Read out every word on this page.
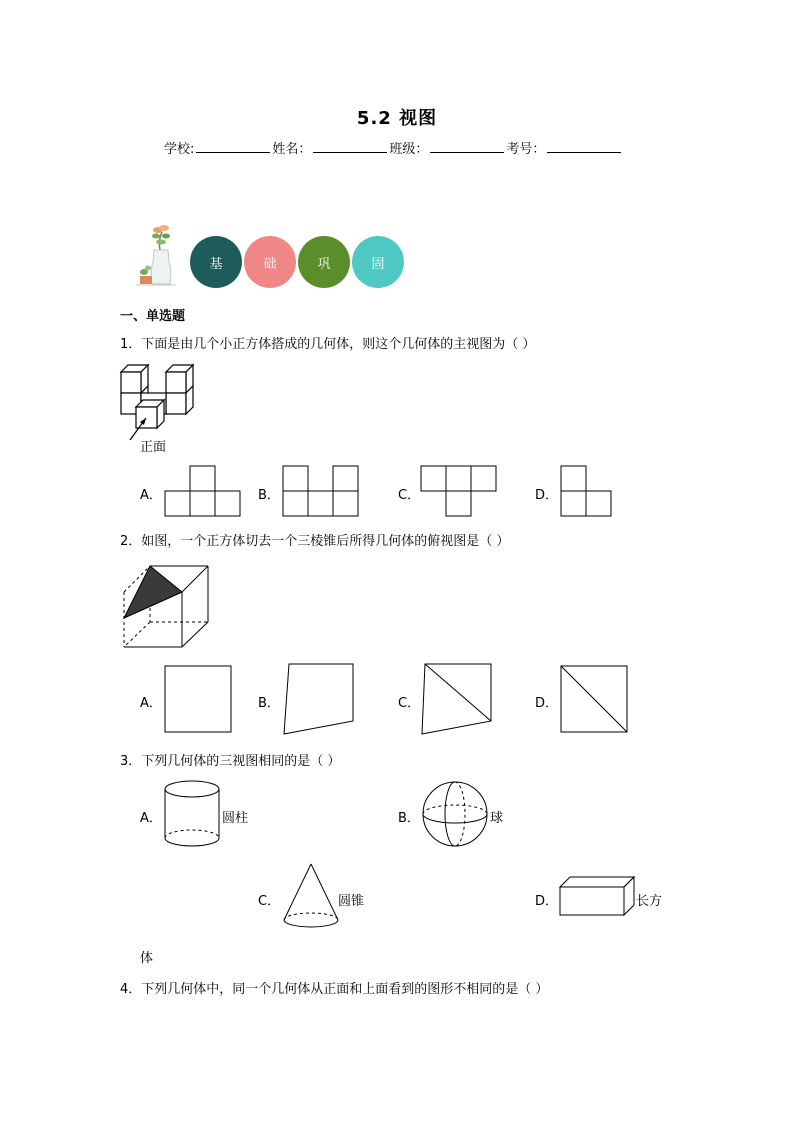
5.2 视图
学校:	姓名：	班级：	考号：
基	础	巩	固
一、单选题
1．下面是由几个小正方体搭成的几何体，则这个几何体的主视图为（ ）
正面
A．	B．	C．	D．
2．如图，一个正方体切去一个三棱锥后所得几何体的俯视图是（ ）
A．	B．	C．	D．
3．下列几何体的三视图相同的是（ ）
A．	圆柱	B．	球
C．	圆锥	D．	长方
体
4．下列几何体中，同一个几何体从正面和上面看到的图形不相同的是（ ）
